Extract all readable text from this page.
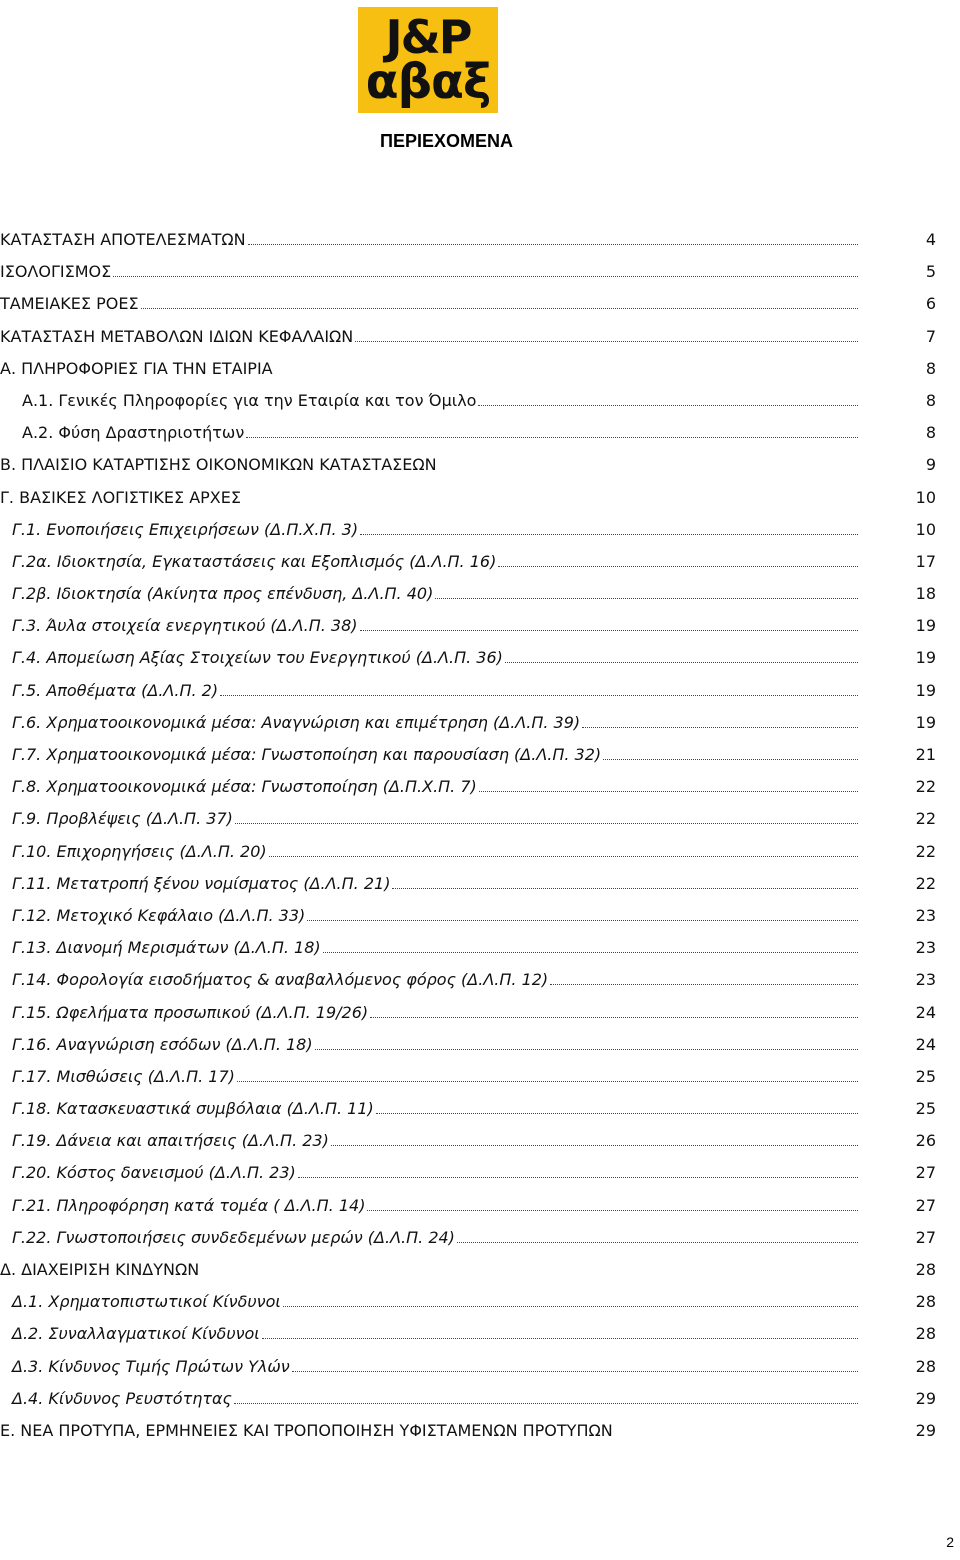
J&P
αβαξ
ΠΕΡΙΕΧΟΜΕΝΑ
ΚΑΤΑΣΤΑΣΗ ΑΠΟΤΕΛΕΣΜΑΤΩΝ	4
ΙΣΟΛΟΓΙΣΜΟΣ	5
ΤΑΜΕΙΑΚΕΣ ΡΟΕΣ	6
ΚΑΤΑΣΤΑΣΗ ΜΕΤΑΒΟΛΩΝ ΙΔΙΩΝ ΚΕΦΑΛΑΙΩΝ	7
Α. ΠΛΗΡΟΦΟΡΙΕΣ ΓΙΑ ΤΗΝ ΕΤΑΙΡΙΑ	8
Α.1. Γενικές Πληροφορίες για την Εταιρία και τον Όμιλο	8
Α.2. Φύση Δραστηριοτήτων	8
Β. ΠΛΑΙΣΙΟ ΚΑΤΑΡΤΙΣΗΣ ΟΙΚΟΝΟΜΙΚΩΝ ΚΑΤΑΣΤΑΣΕΩΝ	9
Γ. ΒΑΣΙΚΕΣ ΛΟΓΙΣΤΙΚΕΣ ΑΡΧΕΣ	10
Γ.1. Ενοποιήσεις Επιχειρήσεων (Δ.Π.Χ.Π. 3)	10
Γ.2α. Ιδιοκτησία, Εγκαταστάσεις και Εξοπλισμός (Δ.Λ.Π. 16)	17
Γ.2β. Ιδιοκτησία (Ακίνητα προς επένδυση, Δ.Λ.Π. 40)	18
Γ.3. Άυλα στοιχεία ενεργητικού (Δ.Λ.Π. 38)	19
Γ.4. Απομείωση Αξίας Στοιχείων του Ενεργητικού (Δ.Λ.Π. 36)	19
Γ.5. Αποθέματα (Δ.Λ.Π. 2)	19
Γ.6. Χρηματοοικονομικά μέσα: Αναγνώριση και επιμέτρηση (Δ.Λ.Π. 39)	19
Γ.7. Χρηματοοικονομικά μέσα: Γνωστοποίηση και παρουσίαση (Δ.Λ.Π. 32)	21
Γ.8. Χρηματοοικονομικά μέσα: Γνωστοποίηση (Δ.Π.Χ.Π. 7)	22
Γ.9. Προβλέψεις (Δ.Λ.Π. 37)	22
Γ.10. Επιχορηγήσεις (Δ.Λ.Π. 20)	22
Γ.11. Μετατροπή ξένου νομίσματος (Δ.Λ.Π. 21)	22
Γ.12. Μετοχικό Κεφάλαιο (Δ.Λ.Π. 33)	23
Γ.13. Διανομή Μερισμάτων (Δ.Λ.Π. 18)	23
Γ.14. Φορολογία εισοδήματος & αναβαλλόμενος φόρος (Δ.Λ.Π. 12)	23
Γ.15. Ωφελήματα προσωπικού (Δ.Λ.Π. 19/26)	24
Γ.16. Αναγνώριση εσόδων (Δ.Λ.Π. 18)	24
Γ.17. Μισθώσεις (Δ.Λ.Π. 17)	25
Γ.18. Κατασκευαστικά συμβόλαια (Δ.Λ.Π. 11)	25
Γ.19. Δάνεια και απαιτήσεις (Δ.Λ.Π. 23)	26
Γ.20. Κόστος δανεισμού (Δ.Λ.Π. 23)	27
Γ.21. Πληροφόρηση κατά τομέα ( Δ.Λ.Π. 14)	27
Γ.22. Γνωστοποιήσεις συνδεδεμένων μερών (Δ.Λ.Π. 24)	27
Δ. ΔΙΑΧΕΙΡΙΣΗ ΚΙΝΔΥΝΩΝ	28
Δ.1. Χρηματοπιστωτικοί Κίνδυνοι	28
Δ.2. Συναλλαγματικοί Κίνδυνοι	28
Δ.3. Κίνδυνος Τιμής Πρώτων Υλών	28
Δ.4. Κίνδυνος Ρευστότητας	29
Ε. ΝΕΑ ΠΡΟΤΥΠΑ, ΕΡΜΗΝΕΙΕΣ ΚΑΙ ΤΡΟΠΟΠΟΙΗΣΗ ΥΦΙΣΤΑΜΕΝΩΝ ΠΡΟΤΥΠΩΝ	29
2
